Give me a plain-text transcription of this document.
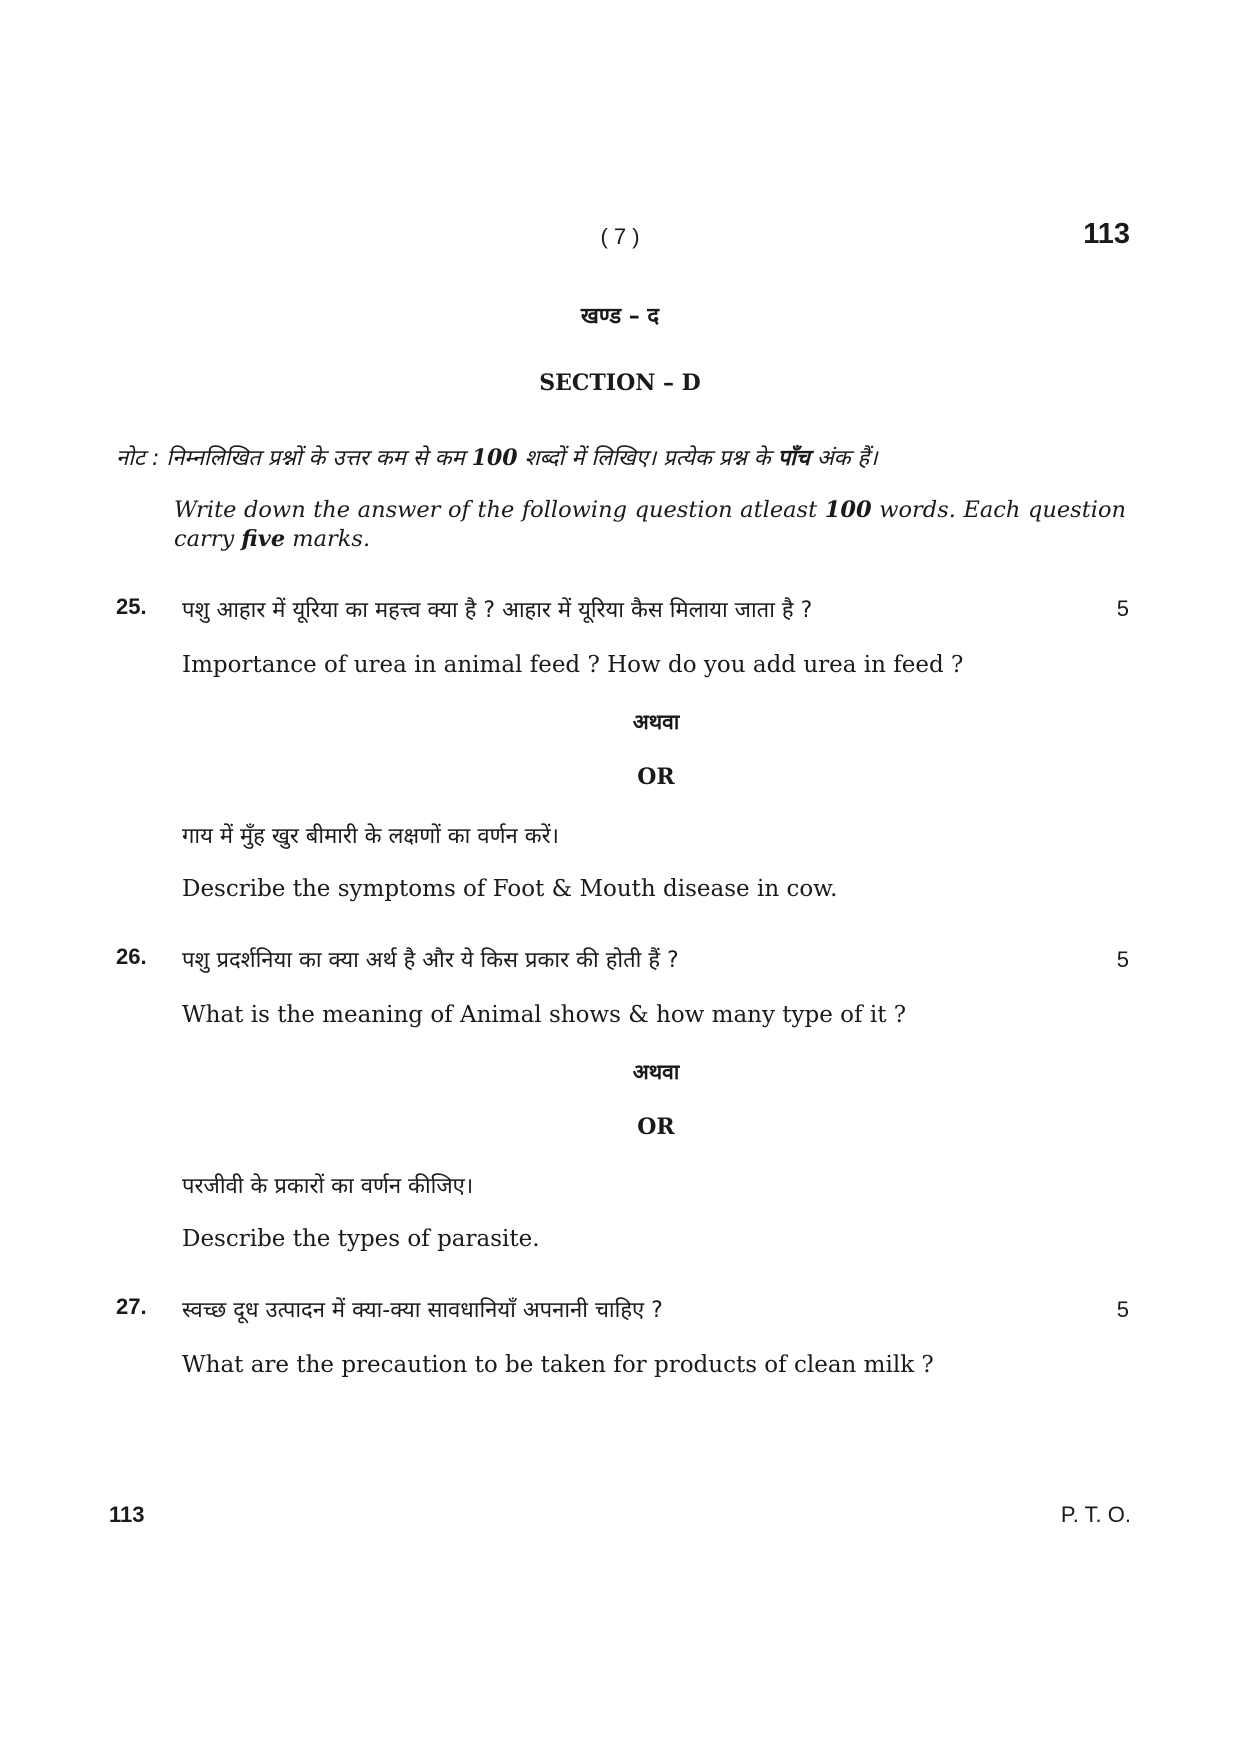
( 7 )	113
खण्ड – द
SECTION – D
नोट : निम्नलिखित प्रश्नों के उत्तर कम से कम 100 शब्दों में लिखिए। प्रत्येक प्रश्न के पाँच अंक हैं।

Write down the answer of the following question atleast 100 words. Each question carry five marks.

25. पशु आहार में यूरिया का महत्त्व क्या है ? आहार में यूरिया कैस मिलाया जाता है ?	5
Importance of urea in animal feed ? How do you add urea in feed ?
अथवा
OR
गाय में मुँह खुर बीमारी के लक्षणों का वर्णन करें।
Describe the symptoms of Foot & Mouth disease in cow.
26. पशु प्रदर्शनिया का क्या अर्थ है और ये किस प्रकार की होती हैं ?	5
What is the meaning of Animal shows & how many type of it ?
अथवा
OR
परजीवी के प्रकारों का वर्णन कीजिए।
Describe the types of parasite.
27. स्वच्छ दूध उत्पादन में क्या-क्या सावधानियाँ अपनानी चाहिए ?	5
What are the precaution to be taken for products of clean milk ?
113	P. T. O.
